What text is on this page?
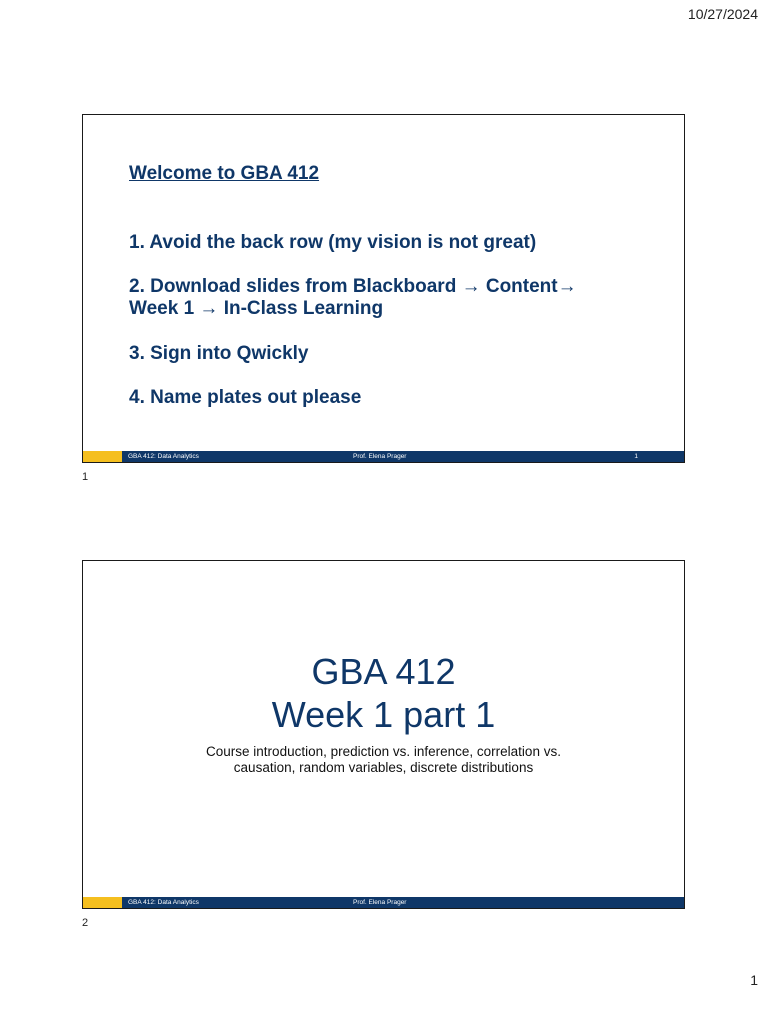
10/27/2024
Welcome to GBA 412
1. Avoid the back row (my vision is not great)
2. Download slides from Blackboard → Content→
Week 1 → In-Class Learning
3. Sign into Qwickly
4. Name plates out please
GBA 412: Data Analytics	Prof. Elena Prager	1
1
GBA 412
Week 1 part 1
Course introduction, prediction vs. inference, correlation vs.
causation, random variables, discrete distributions
GBA 412: Data Analytics	Prof. Elena Prager
2
1
